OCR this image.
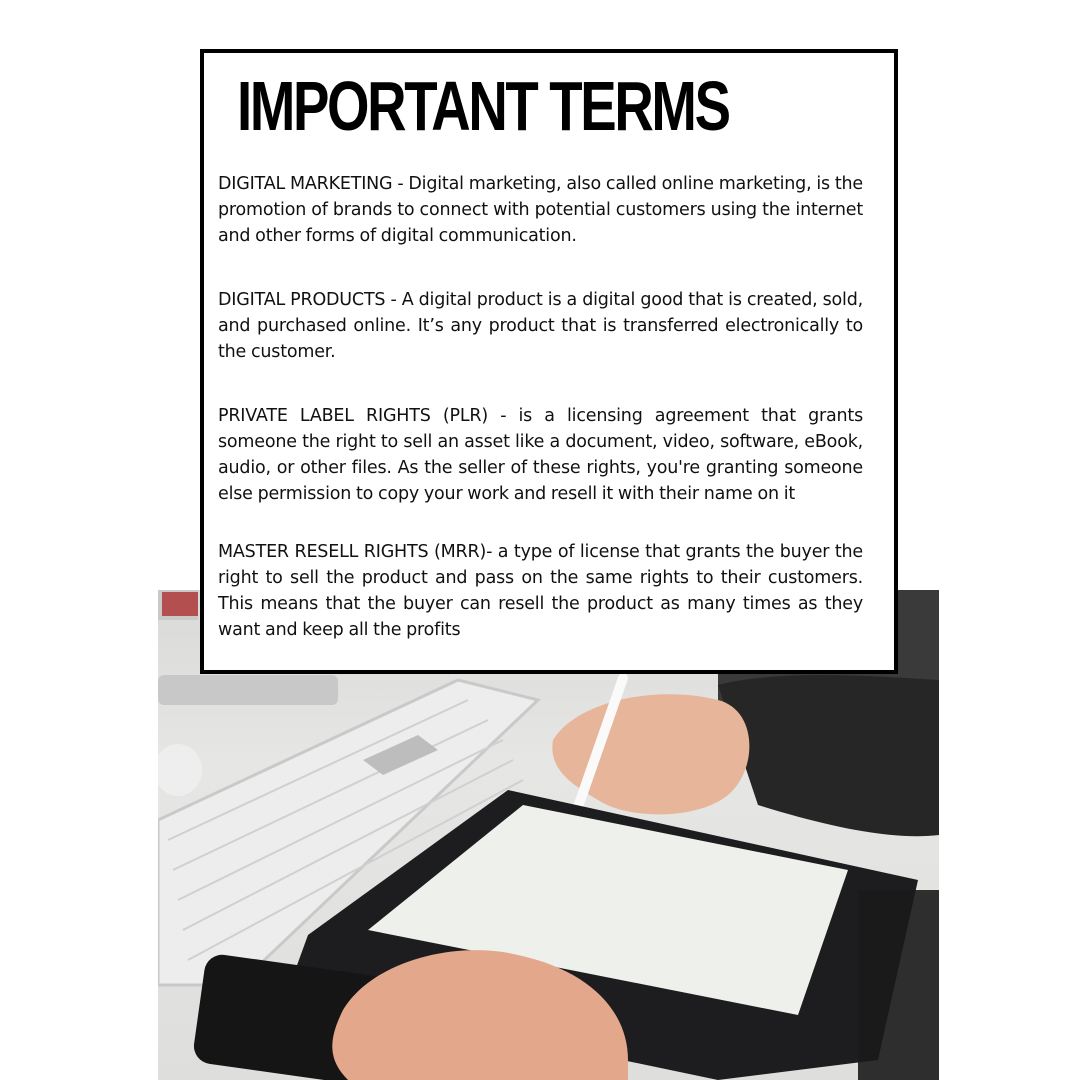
IMPORTANT TERMS

DIGITAL MARKETING - Digital marketing, also called online marketing, is the promotion of brands to connect with potential customers using the internet and other forms of digital communication.

DIGITAL PRODUCTS - A digital product is a digital good that is created, sold, and purchased online. It’s any product that is transferred electronically to the customer.

PRIVATE LABEL RIGHTS (PLR) - is a licensing agreement that grants someone the right to sell an asset like a document, video, software, eBook, audio, or other files. As the seller of these rights, you're granting someone else permission to copy your work and resell it with their name on it

MASTER RESELL RIGHTS (MRR)- a type of license that grants the buyer the right to sell the product and pass on the same rights to their customers. This means that the buyer can resell the product as many times as they want and keep all the profits
